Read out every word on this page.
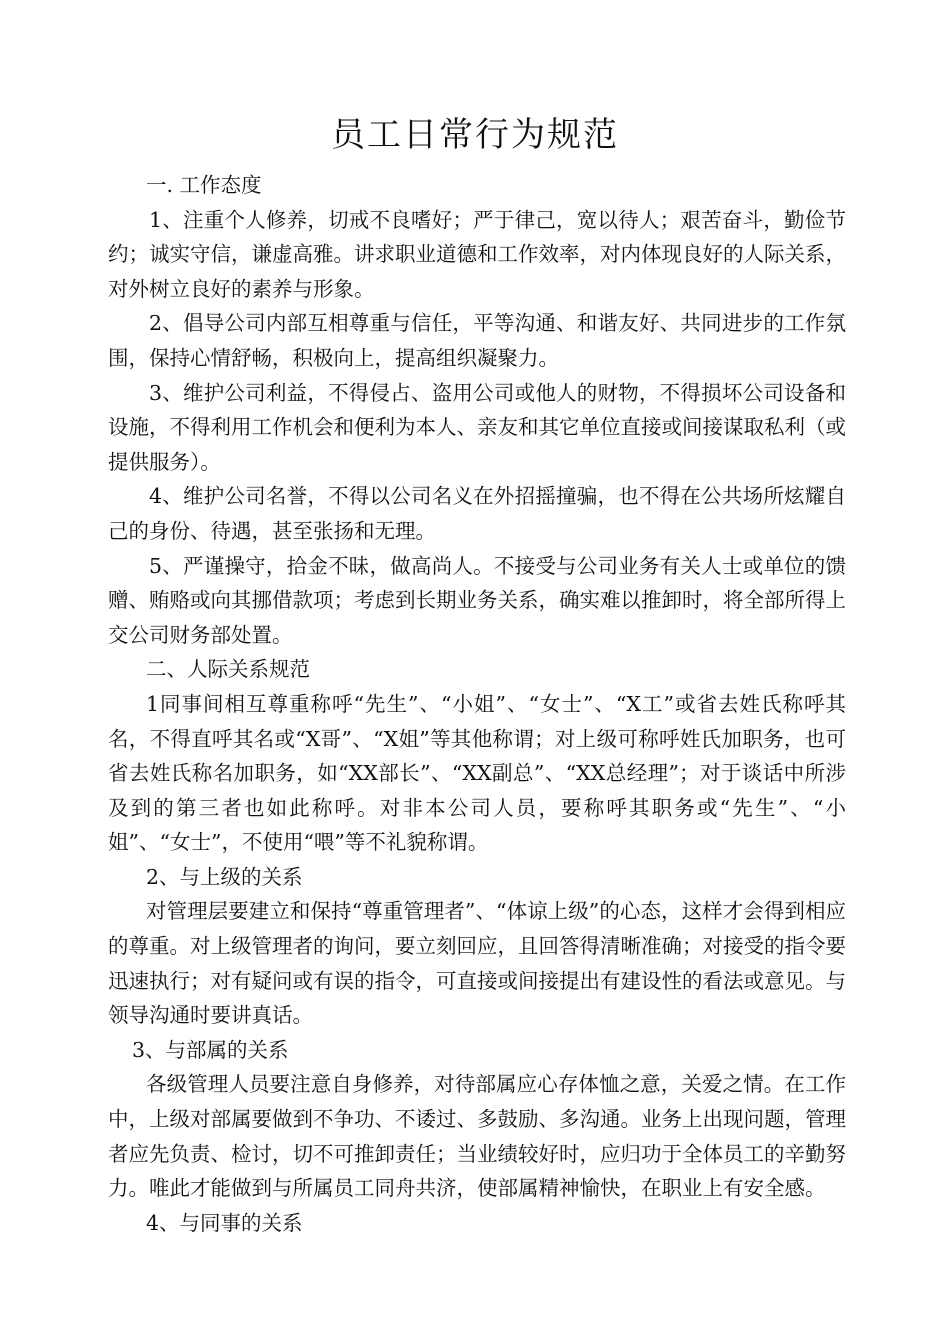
员工日常行为规范

一. 工作态度

1、注重个人修养，切戒不良嗜好；严于律己，宽以待人；艰苦奋斗，勤俭节约；诚实守信，谦虚高雅。讲求职业道德和工作效率，对内体现良好的人际关系，对外树立良好的素养与形象。

2、倡导公司内部互相尊重与信任，平等沟通、和谐友好、共同进步的工作氛围，保持心情舒畅，积极向上，提高组织凝聚力。

3、维护公司利益，不得侵占、盗用公司或他人的财物，不得损坏公司设备和设施，不得利用工作机会和便利为本人、亲友和其它单位直接或间接谋取私利（或提供服务）。

4、维护公司名誉，不得以公司名义在外招摇撞骗，也不得在公共场所炫耀自己的身份、待遇，甚至张扬和无理。

5、严谨操守，拾金不昧，做高尚人。不接受与公司业务有关人士或单位的馈赠、贿赂或向其挪借款项；考虑到长期业务关系，确实难以推卸时，将全部所得上交公司财务部处置。

二、人际关系规范

1同事间相互尊重称呼“先生”、“小姐”、“女士”、“X工”或省去姓氏称呼其名，不得直呼其名或“X哥”、“X姐”等其他称谓；对上级可称呼姓氏加职务，也可省去姓氏称名加职务，如“XX部长”、“XX副总”、“XX总经理”；对于谈话中所涉及到的第三者也如此称呼。对非本公司人员，要称呼其职务或“先生”、“小姐”、“女士”，不使用“喂”等不礼貌称谓。

2、与上级的关系

对管理层要建立和保持“尊重管理者”、“体谅上级”的心态，这样才会得到相应的尊重。对上级管理者的询问，要立刻回应，且回答得清晰准确；对接受的指令要迅速执行；对有疑问或有误的指令，可直接或间接提出有建设性的看法或意见。与领导沟通时要讲真话。

3、与部属的关系

各级管理人员要注意自身修养，对待部属应心存体恤之意，关爱之情。在工作中，上级对部属要做到不争功、不诿过、多鼓励、多沟通。业务上出现问题，管理者应先负责、检讨，切不可推卸责任；当业绩较好时，应归功于全体员工的辛勤努力。唯此才能做到与所属员工同舟共济，使部属精神愉快，在职业上有安全感。

4、与同事的关系
